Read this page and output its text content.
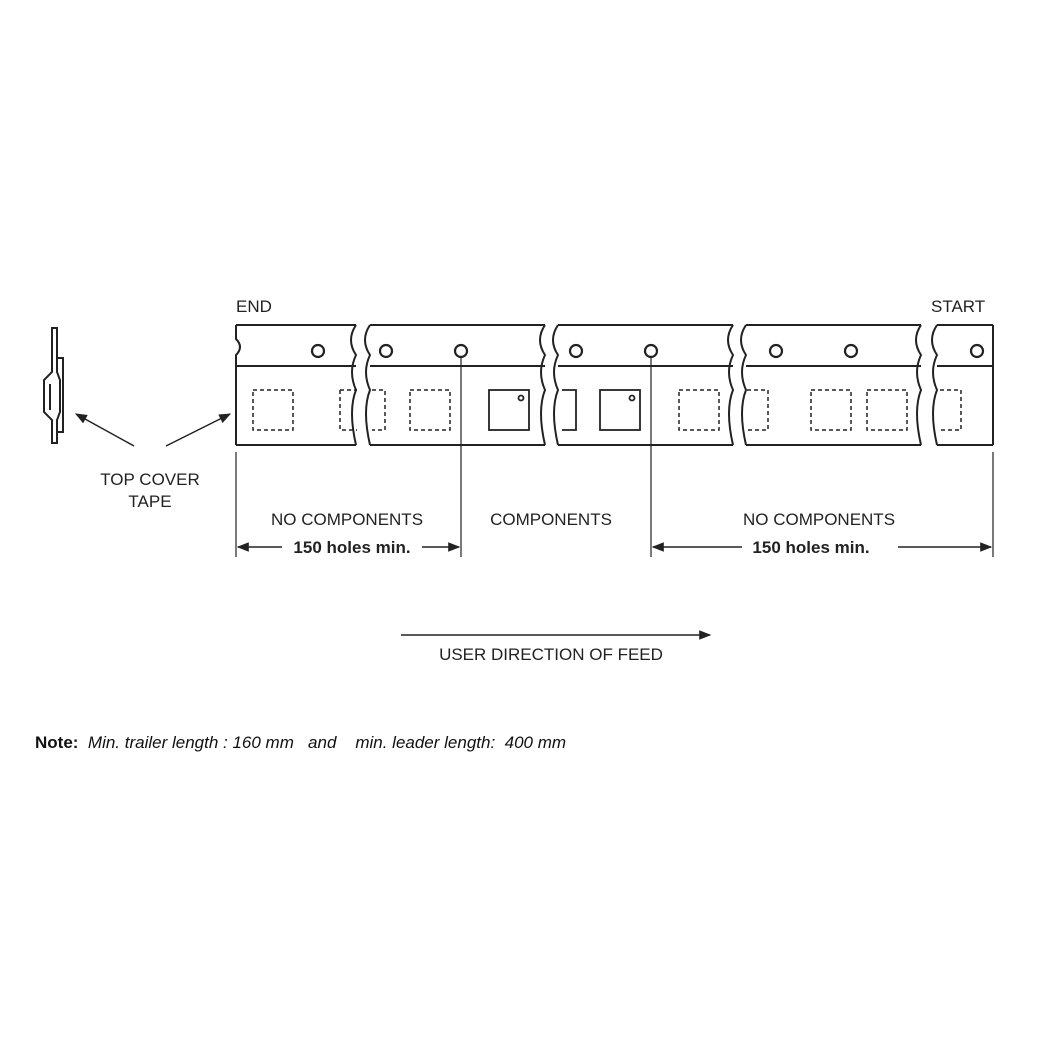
END	START
TOP COVER
TAPE
NO COMPONENTS	COMPONENTS	NO COMPONENTS
150 holes min.	150 holes min.
USER DIRECTION OF FEED
Note: Min. trailer length : 160 mm and min. leader length:  400 mm
